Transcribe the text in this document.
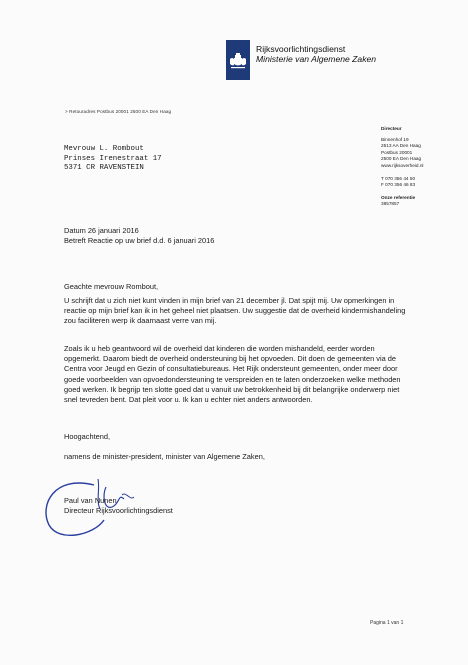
Rijksvoorlichtingsdienst
Ministerie van Algemene Zaken
> Retouradres Postbus 20001 2500 EA Den Haag
Mevrouw L. Rombout
Prinses Irenestraat 17
5371 CR RAVENSTEIN
Directeur
Binnenhof 19
2513 AA Den Haag
Postbus 20001
2500 EA Den Haag
www.rijksoverheid.nl
T 070 356 44 50
F 070 356 46 83
Onze referentie
3857857
Datum 26 januari 2016
Betreft Reactie op uw brief d.d. 6 januari 2016

Geachte mevrouw Rombout,

U schrijft dat u zich niet kunt vinden in mijn brief van 21 december jl. Dat spijt mij. Uw opmerkingen in reactie op mijn brief kan ik in het geheel niet plaatsen. Uw suggestie dat de overheid kindermishandeling zou faciliteren werp ik daarnaast verre van mij.

Zoals ik u heb geantwoord wil de overheid dat kinderen die worden mishandeld, eerder worden opgemerkt. Daarom biedt de overheid ondersteuning bij het opvoeden. Dit doen de gemeenten via de Centra voor Jeugd en Gezin of consultatiebureaus. Het Rijk ondersteunt gemeenten, onder meer door goede voorbeelden van opvoedondersteuning te verspreiden en te laten onderzoeken welke methoden goed werken. Ik begrijp ten slotte goed dat u vanuit uw betrokkenheid bij dit belangrijke onderwerp niet snel tevreden bent. Dat pleit voor u. Ik kan u echter niet anders antwoorden.

Hoogachtend,

namens de minister-president, minister van Algemene Zaken,

Paul van Nunen
Directeur Rijksvoorlichtingsdienst
Pagina 1 van 1
